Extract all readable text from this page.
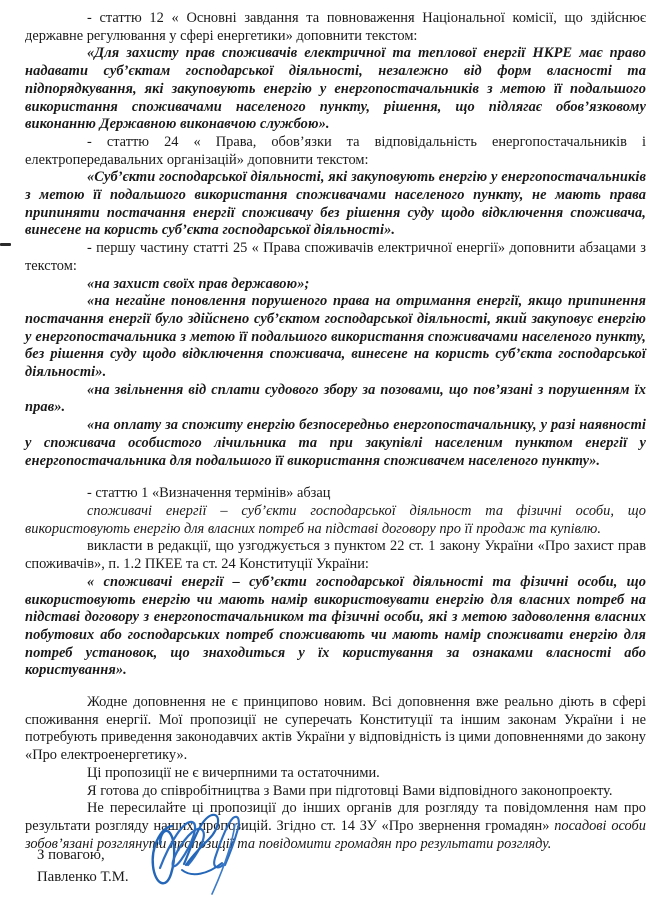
- статтю 12 « Основні завдання та повноваження Національної комісії, що здійснює державне регулювання у сфері енергетики» доповнити текстом:

«Для захисту прав споживачів електричної та теплової енергії НКРЕ має право надавати суб’єктам господарської діяльності, незалежно від форм власності та підпорядкування, які закуповують енергію у енергопостачальників з метою її подальшого використання споживачами населеного пункту, рішення, що підлягає обов’язковому виконанню Державною виконавчою службою».

- статтю 24 « Права, обов’язки та відповідальність енергопостачальників і електропередавальних організацій» доповнити текстом:

«Суб’єкти господарської діяльності, які закуповують енергію у енергопостачальників з метою її подальшого використання споживачами населеного пункту, не мають права припиняти постачання енергії споживачу без рішення суду щодо відключення споживача, винесене на користь суб’єкта господарської діяльності».

- першу частину статті 25 « Права споживачів електричної енергії» доповнити абзацами з текстом:

«на захист своїх прав державою»;

«на негайне поновлення порушеного права на отримання енергії, якщо припинення постачання енергії було здійснено суб’єктом господарської діяльності, який закуповує енергію у енергопостачальника з метою її подальшого використання споживачами населеного пункту, без рішення суду щодо відключення споживача, винесене на користь суб’єкта господарської діяльності».

«на звільнення від сплати судового збору за позовами, що пов’язані з порушенням їх прав».

«на оплату за спожиту енергію безпосередньо енергопостачальнику, у разі наявності у споживача особистого лічильника та при закупівлі населеним пунктом енергії у енергопостачальника для подальшого її використання споживачем населеного пункту».

- статтю 1 «Визначення термінів» абзац

споживачі енергії – суб’єкти господарської діяльност та фізичні особи, що використовують енергію для власних потреб на підставі договору про її продаж та купівлю.

викласти в редакції, що узгоджується з пунктом 22 ст. 1 закону України «Про захист прав споживачів», п. 1.2 ПКЕЕ та ст. 24 Конституції України:

« споживачі енергії – суб’єкти господарської діяльності та фізичні особи, що використовують енергію чи мають намір використовувати енергію для власних потреб на підставі договору з енергопостачальником та фізичні особи, які з метою задоволення власних побутових або господарських потреб споживають чи мають намір споживати енергію для потреб установок, що знаходиться у їх користування за ознаками власності або користування».

Жодне доповнення не є принципово новим. Всі доповнення вже реально діють в сфері споживання енергії. Мої пропозиції не суперечать Конституції та іншим законам України і не потребують приведення законодавчих актів України у відповідність із цими доповненнями до закону «Про електроенергетику».

Ці пропозиції не є вичерпними та остаточними.

Я готова до співробітництва з Вами при підготовці Вами відповідного законопроекту.

Не пересилайте ці пропозиції до інших органів для розгляду та повідомлення нам про результати розгляду наших пропозицій. Згідно ст. 14 ЗУ «Про звернення громадян» посадові особи зобов’язані розглянути пропозиції та повідомити громадян про результати розгляду.

З повагою,

Павленко Т.М.
